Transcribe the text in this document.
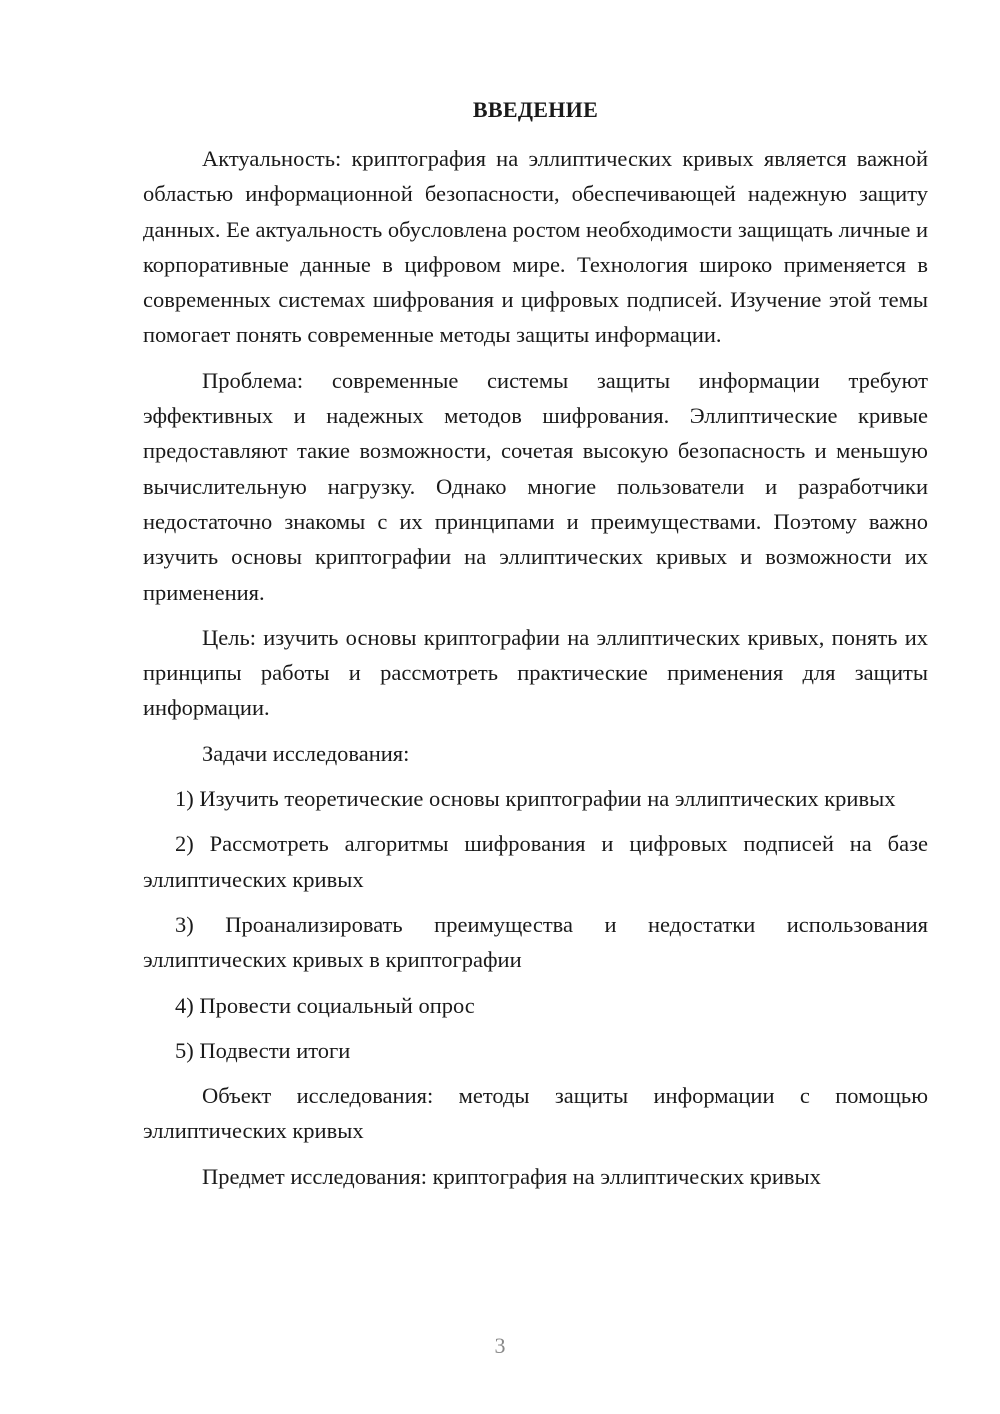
ВВЕДЕНИЕ

Актуальность: криптография на эллиптических кривых является важной областью информационной безопасности, обеспечивающей надежную защиту данных. Ее актуальность обусловлена ростом необходимости защищать личные и корпоративные данные в цифровом мире. Технология широко применяется в современных системах шифрования и цифровых подписей. Изучение этой темы помогает понять современные методы защиты информации.

Проблема: современные системы защиты информации требуют эффективных и надежных методов шифрования. Эллиптические кривые предоставляют такие возможности, сочетая высокую безопасность и меньшую вычислительную нагрузку. Однако многие пользователи и разработчики недостаточно знакомы с их принципами и преимуществами. Поэтому важно изучить основы криптографии на эллиптических кривых и возможности их применения.

Цель: изучить основы криптографии на эллиптических кривых, понять их принципы работы и рассмотреть практические применения для защиты информации.

Задачи исследования:

1) Изучить теоретические основы криптографии на эллиптических кривых
2) Рассмотреть алгоритмы шифрования и цифровых подписей на базе эллиптических кривых
3) Проанализировать преимущества и недостатки использования эллиптических кривых в криптографии
4) Провести социальный опрос
5) Подвести итоги

Объект исследования: методы защиты информации с помощью эллиптических кривых

Предмет исследования: криптография на эллиптических кривых

3
